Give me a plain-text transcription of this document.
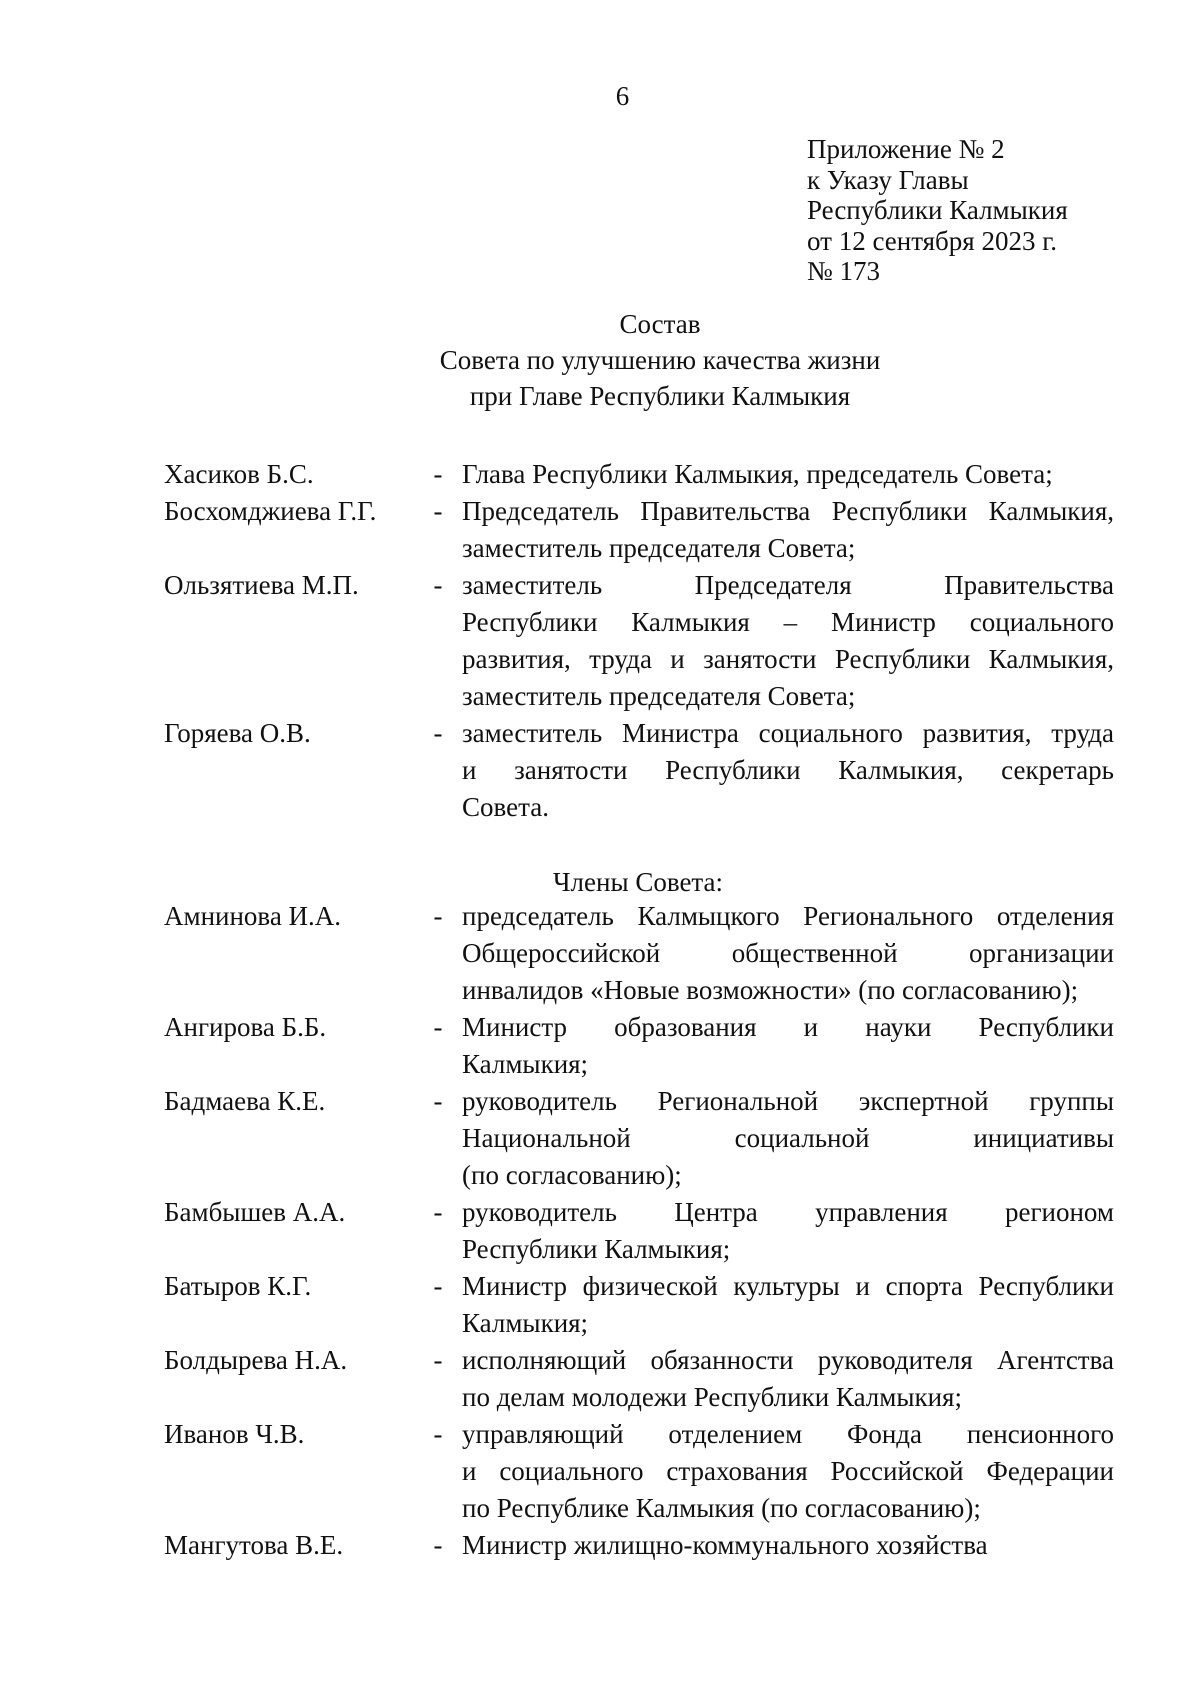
6
Приложение № 2
к Указу Главы
Республики Калмыкия
от 12 сентября 2023 г.
№ 173
Состав
Совета по улучшению качества жизни
при Главе Республики Калмыкия
Хасиков Б.С.	- Глава Республики Калмыкия, председатель Совета;
Босхомджиева Г.Г.	- Председатель Правительства Республики Калмыкия,
заместитель председателя Совета;
Ользятиева М.П.	- заместитель Председателя Правительства
Республики Калмыкия – Министр социального
развития, труда и занятости Республики Калмыкия,
заместитель председателя Совета;
Горяева О.В.	- заместитель Министра социального развития, труда
и занятости Республики Калмыкия, секретарь
Совета.
Члены Совета:
Амнинова И.А.	- председатель Калмыцкого Регионального отделения
Общероссийской общественной организации
инвалидов «Новые возможности» (по согласованию);
Ангирова Б.Б.	- Министр образования и науки Республики
Калмыкия;
Бадмаева К.Е.	- руководитель Региональной экспертной группы
Национальной социальной инициативы
(по согласованию);
Бамбышев А.А.	- руководитель Центра управления регионом
Республики Калмыкия;
Батыров К.Г.	- Министр физической культуры и спорта Республики
Калмыкия;
Болдырева Н.А.	- исполняющий обязанности руководителя Агентства
по делам молодежи Республики Калмыкия;
Иванов Ч.В.	- управляющий отделением Фонда пенсионного
и социального страхования Российской Федерации
по Республике Калмыкия (по согласованию);
Мангутова В.Е.	- Министр жилищно-коммунального хозяйства
